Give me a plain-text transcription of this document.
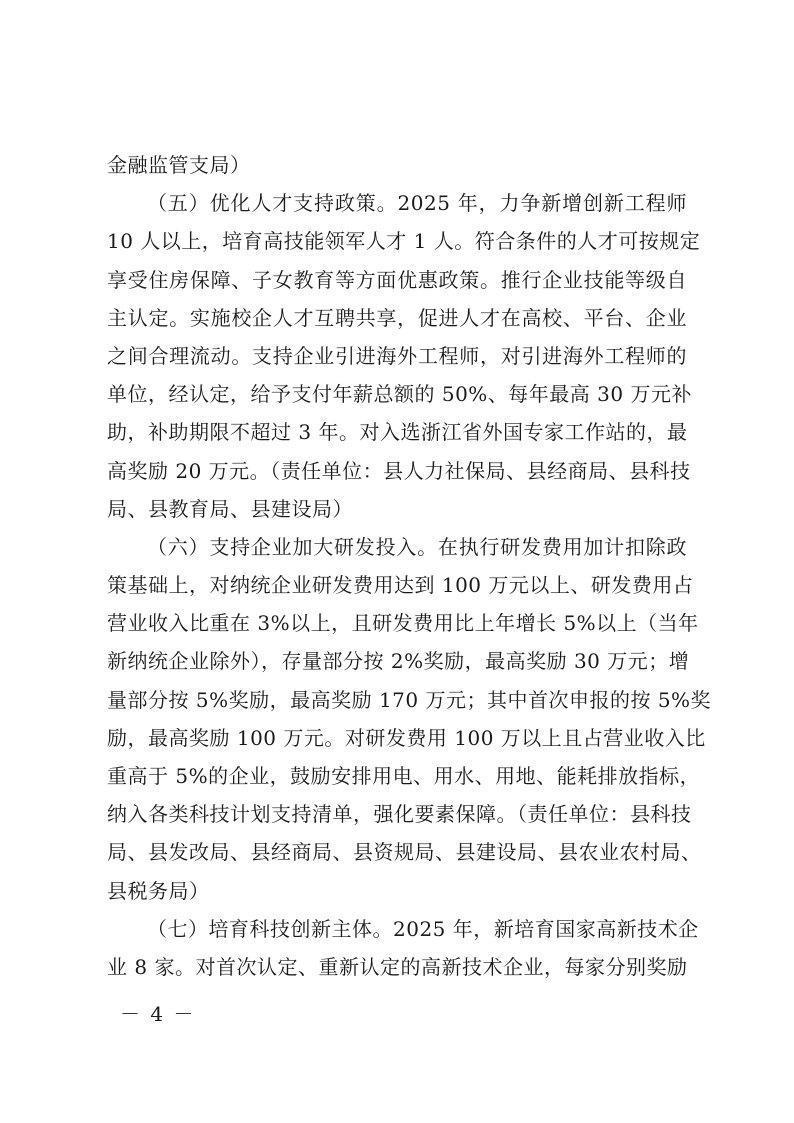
金融监管支局）
（五）优化人才支持政策。2025 年，力争新增创新工程师
10 人以上，培育高技能领军人才 1 人。符合条件的人才可按规定
享受住房保障、子女教育等方面优惠政策。推行企业技能等级自
主认定。实施校企人才互聘共享，促进人才在高校、平台、企业
之间合理流动。支持企业引进海外工程师，对引进海外工程师的
单位，经认定，给予支付年薪总额的 50%、每年最高 30 万元补
助，补助期限不超过 3 年。对入选浙江省外国专家工作站的，最
高奖励 20 万元。（责任单位：县人力社保局、县经商局、县科技
局、县教育局、县建设局）
（六）支持企业加大研发投入。在执行研发费用加计扣除政
策基础上，对纳统企业研发费用达到 100 万元以上、研发费用占
营业收入比重在 3%以上，且研发费用比上年增长 5%以上（当年
新纳统企业除外），存量部分按 2%奖励，最高奖励 30 万元；增
量部分按 5%奖励，最高奖励 170 万元；其中首次申报的按 5%奖
励，最高奖励 100 万元。对研发费用 100 万以上且占营业收入比
重高于 5%的企业，鼓励安排用电、用水、用地、能耗排放指标，
纳入各类科技计划支持清单，强化要素保障。（责任单位：县科技
局、县发改局、县经商局、县资规局、县建设局、县农业农村局、
县税务局）
（七）培育科技创新主体。2025 年，新培育国家高新技术企
业 8 家。对首次认定、重新认定的高新技术企业，每家分别奖励
－ 4 －
